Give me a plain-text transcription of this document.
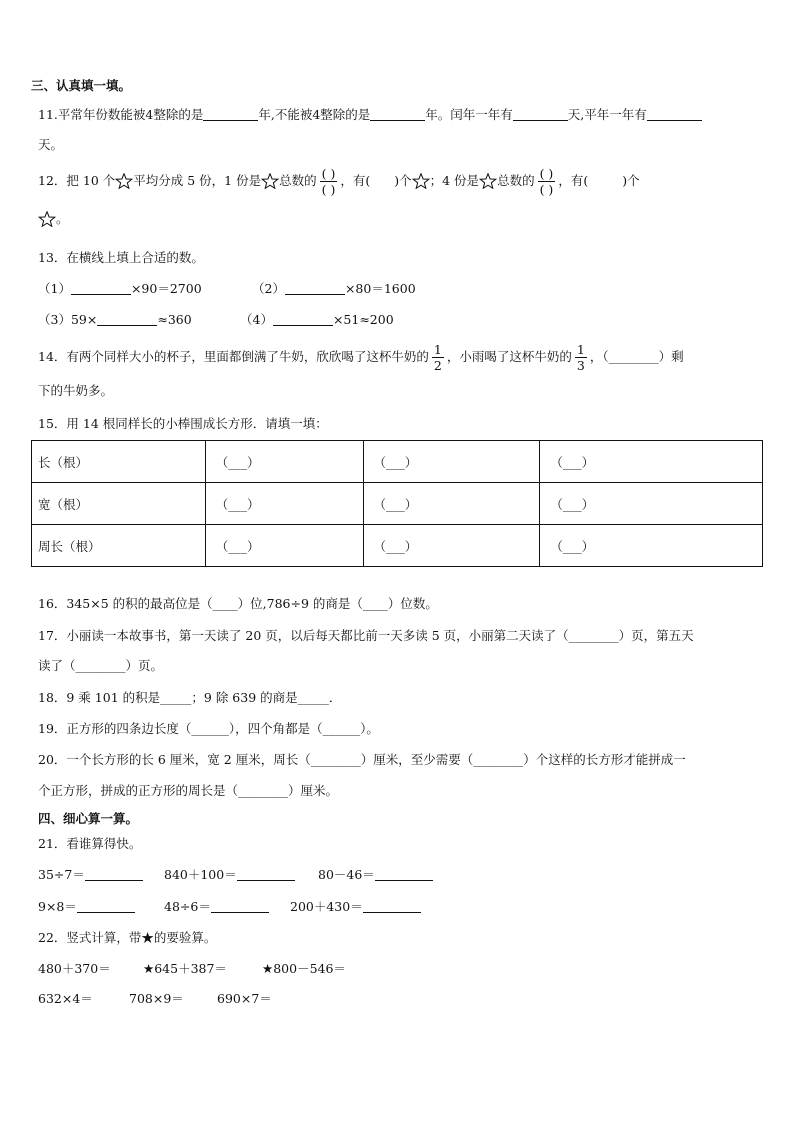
三、认真填一填。
11.平常年份数能被4整除的是	年,不能被4整除的是	年。闰年一年有	天,平年一年有
天。
12．把 10 个 平均分成 5 份，1 份是 总数的 $\frac{( )}{( )}$ ，有( )个 ；4 份是 总数的 $\frac{( )}{( )}$ ，有(	)个
。
13．在横线上填上合适的数。
（1）	×90＝2700	（2）	×80＝1600
（3）59×	≈360	（4）	×51≈200
14．有两个同样大小的杯子，里面都倒满了牛奶，欣欣喝了这杯牛奶的 $\frac{1}{2}$ ，小雨喝了这杯牛奶的 $\frac{1}{3}$ ，（________）剩
下的牛奶多。
15．用 14 根同样长的小棒围成长方形．请填一填：
长（根）	（___）	（___）	（___）
宽（根）	（___）	（___）	（___）
周长（根）	（___）	（___）	（___）
16．345×5 的积的最高位是（____）位,786÷9 的商是（____）位数。
17．小丽读一本故事书，第一天读了 20 页，以后每天都比前一天多读 5 页，小丽第二天读了（________）页，第五天
读了（________）页。
18．9 乘 101 的积是_____；9 除 639 的商是_____．
19．正方形的四条边长度（______），四个角都是（______）。
20．一个长方形的长 6 厘米，宽 2 厘米，周长（________）厘米，至少需要（________）个这样的长方形才能拼成一
个正方形，拼成的正方形的周长是（________）厘米。
四、细心算一算。
21．看谁算得快。
35÷7＝	840＋100＝	80－46＝
9×8＝	48÷6＝	200＋430＝
22．竖式计算，带★的要验算。
480＋370＝	★645＋387＝	★800－546＝
632×4＝	708×9＝	690×7＝
